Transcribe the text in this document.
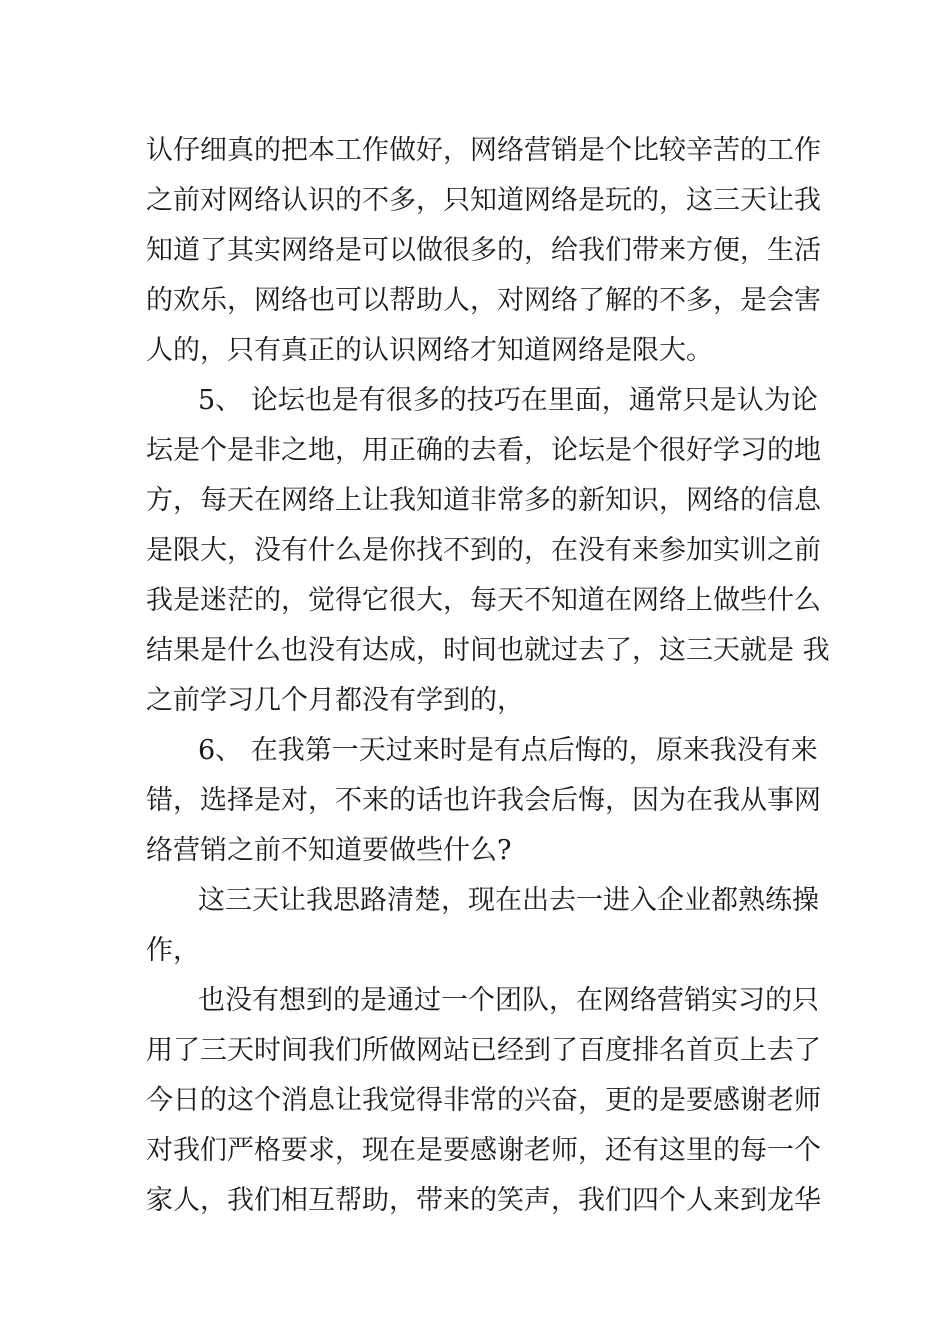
认仔细真的把本工作做好，网络营销是个比较辛苦的工作
之前对网络认识的不多，只知道网络是玩的，这三天让我
知道了其实网络是可以做很多的，给我们带来方便，生活
的欢乐，网络也可以帮助人，对网络了解的不多，是会害
人的，只有真正的认识网络才知道网络是限大。
5、 论坛也是有很多的技巧在里面，通常只是认为论
坛是个是非之地，用正确的去看，论坛是个很好学习的地
方，每天在网络上让我知道非常多的新知识，网络的信息
是限大，没有什么是你找不到的，在没有来参加实训之前
我是迷茫的，觉得它很大，每天不知道在网络上做些什么
结果是什么也没有达成，时间也就过去了，这三天就是 我
之前学习几个月都没有学到的，
6、 在我第一天过来时是有点后悔的，原来我没有来
错，选择是对，不来的话也许我会后悔，因为在我从事网
络营销之前不知道要做些什么?
这三天让我思路清楚，现在出去一进入企业都熟练操
作，
也没有想到的是通过一个团队，在网络营销实习的只
用了三天时间我们所做网站已经到了百度排名首页上去了
今日的这个消息让我觉得非常的兴奋，更的是要感谢老师
对我们严格要求，现在是要感谢老师，还有这里的每一个
家人，我们相互帮助，带来的笑声，我们四个人来到龙华
